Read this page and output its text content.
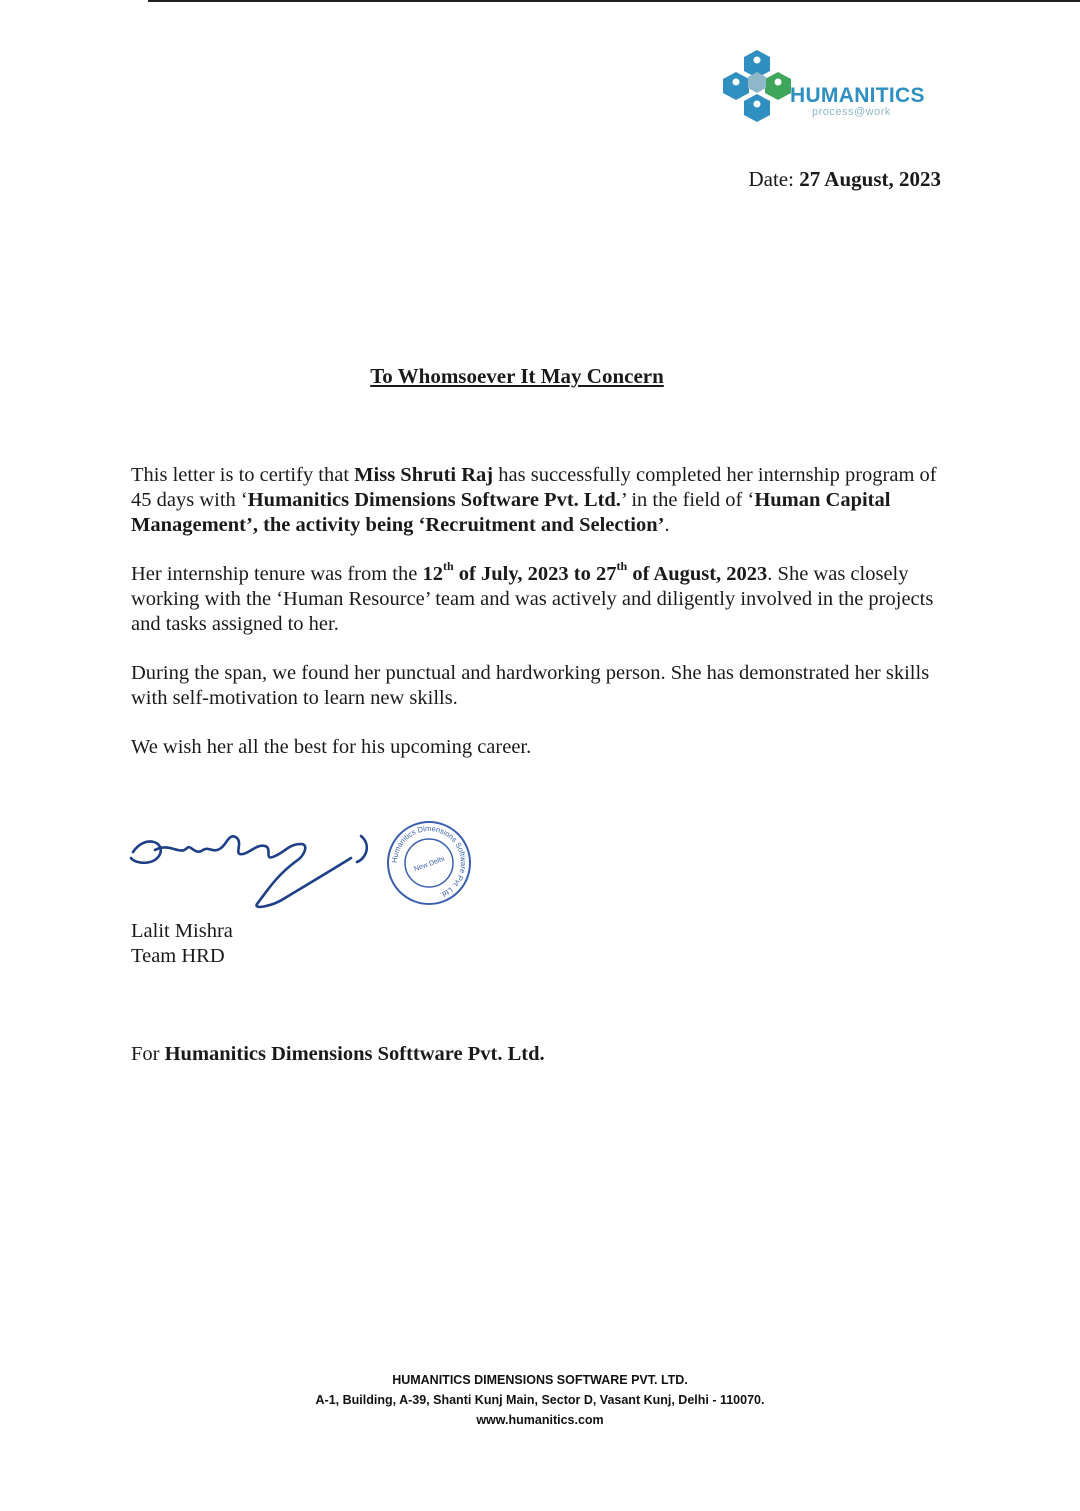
HUMANITICS
process@work
Date: 27 August, 2023
To Whomsoever It May Concern

This letter is to certify that Miss Shruti Raj has successfully completed her internship program of 45 days with ‘Humanitics Dimensions Software Pvt. Ltd.’ in the field of ‘Human Capital Management’, the activity being ‘Recruitment and Selection’.

Her internship tenure was from the 12th of July, 2023 to 27th of August, 2023. She was closely working with the ‘Human Resource’ team and was actively and diligently involved in the projects and tasks assigned to her.

During the span, we found her punctual and hardworking person. She has demonstrated her skills with self-motivation to learn new skills.

We wish her all the best for his upcoming career.

Humanitics Dimensions Software Pvt. Ltd.
New Delhi
Lalit Mishra
Team HRD
For Humanitics Dimensions Softtware Pvt. Ltd.
HUMANITICS DIMENSIONS SOFTWARE PVT. LTD.
A-1, Building, A-39, Shanti Kunj Main, Sector D, Vasant Kunj, Delhi - 110070.
www.humanitics.com
